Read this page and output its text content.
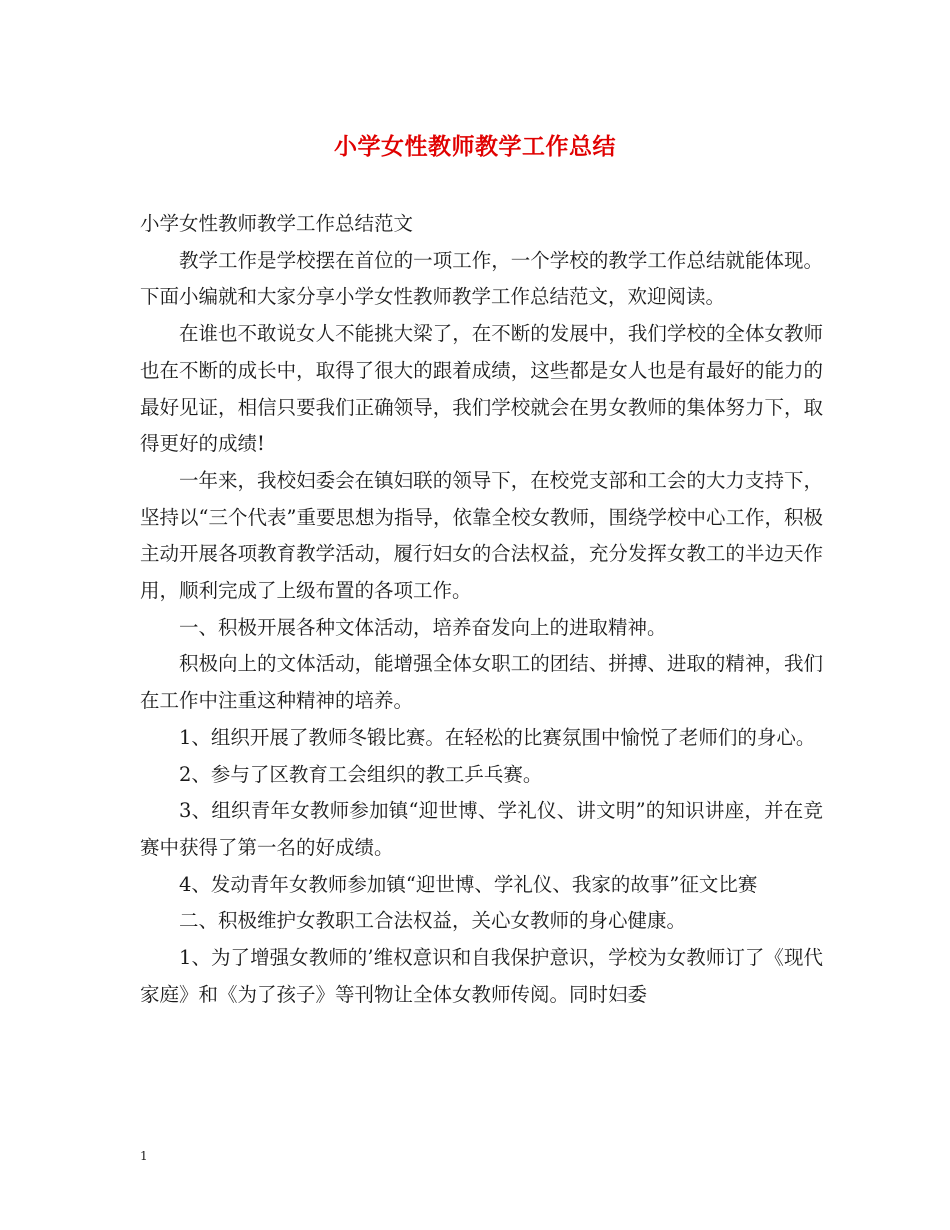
小学女性教师教学工作总结

小学女性教师教学工作总结范文

教学工作是学校摆在首位的一项工作，一个学校的教学工作总结就能体现。下面小编就和大家分享小学女性教师教学工作总结范文，欢迎阅读。

在谁也不敢说女人不能挑大梁了，在不断的发展中，我们学校的全体女教师也在不断的成长中，取得了很大的跟着成绩，这些都是女人也是有最好的能力的最好见证，相信只要我们正确领导，我们学校就会在男女教师的集体努力下，取得更好的成绩!

一年来，我校妇委会在镇妇联的领导下，在校党支部和工会的大力支持下，坚持以“三个代表”重要思想为指导，依靠全校女教师，围绕学校中心工作，积极主动开展各项教育教学活动，履行妇女的合法权益，充分发挥女教工的半边天作用，顺利完成了上级布置的各项工作。

一、积极开展各种文体活动，培养奋发向上的进取精神。

积极向上的文体活动，能增强全体女职工的团结、拼搏、进取的精神，我们在工作中注重这种精神的培养。

1、组织开展了教师冬锻比赛。在轻松的比赛氛围中愉悦了老师们的身心。

2、参与了区教育工会组织的教工乒乓赛。

3、组织青年女教师参加镇“迎世博、学礼仪、讲文明”的知识讲座，并在竞赛中获得了第一名的好成绩。

4、发动青年女教师参加镇“迎世博、学礼仪、我家的故事”征文比赛

二、积极维护女教职工合法权益，关心女教师的身心健康。

1、为了增强女教师的’维权意识和自我保护意识，学校为女教师订了《现代家庭》和《为了孩子》等刊物让全体女教师传阅。同时妇委

1
